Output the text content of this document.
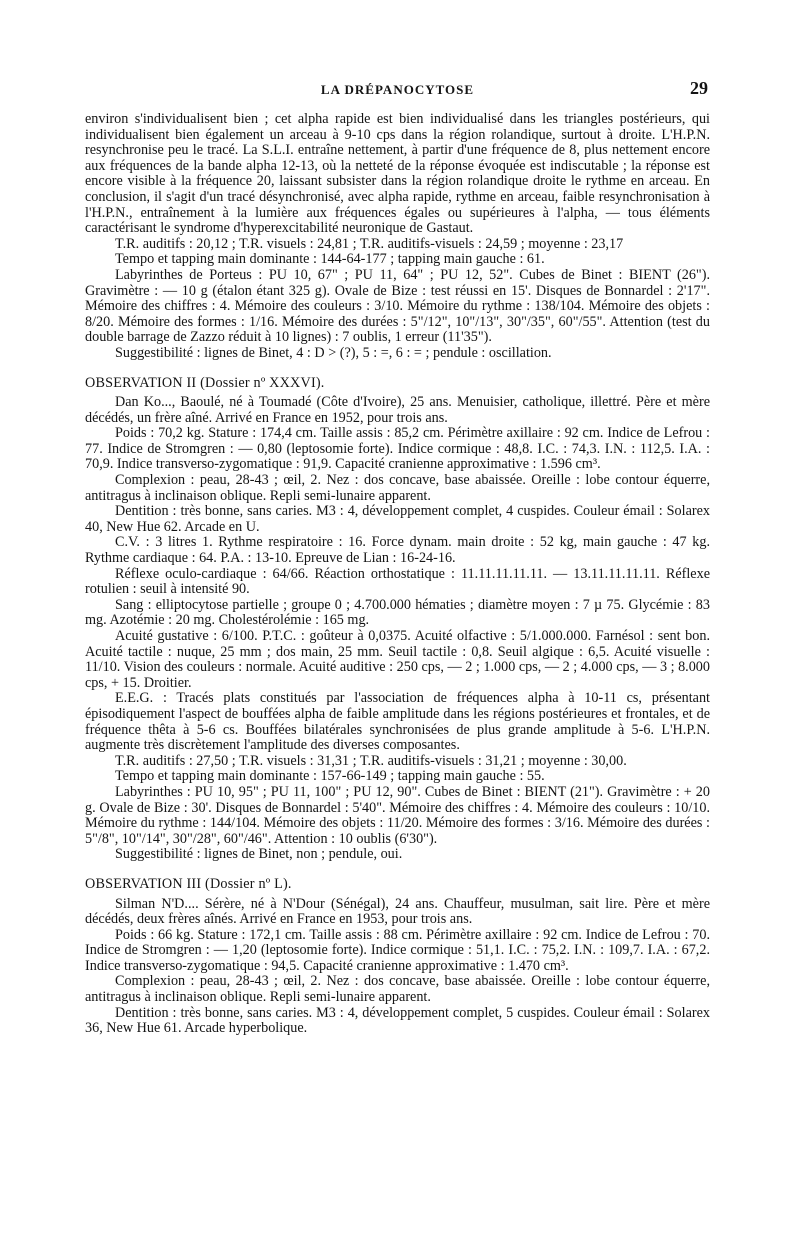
LA DRÉPANOCYTOSE	29

environ s'individualisent bien ; cet alpha rapide est bien individualisé dans les triangles postérieurs, qui individualisent bien également un arceau à 9-10 cps dans la région rolandique, surtout à droite. L'H.P.N. resynchronise peu le tracé. La S.L.I. entraîne nettement, à partir d'une fréquence de 8, plus nettement encore aux fréquences de la bande alpha 12-13, où la netteté de la réponse évoquée est indiscutable ; la réponse est encore visible à la fréquence 20, laissant subsister dans la région rolandique droite le rythme en arceau. En conclusion, il s'agit d'un tracé désynchronisé, avec alpha rapide, rythme en arceau, faible resynchronisation à l'H.P.N., entraînement à la lumière aux fréquences égales ou supérieures à l'alpha, — tous éléments caractérisant le syndrome d'hyperexcitabilité neuronique de Gastaut.

T.R. auditifs : 20,12 ; T.R. visuels : 24,81 ; T.R. auditifs-visuels : 24,59 ; moyenne : 23,17

Tempo et tapping main dominante : 144-64-177 ; tapping main gauche : 61.

Labyrinthes de Porteus : PU 10, 67" ; PU 11, 64" ; PU 12, 52". Cubes de Binet : BIENT (26"). Gravimètre : — 10 g (étalon étant 325 g). Ovale de Bize : test réussi en 15'. Disques de Bonnardel : 2'17". Mémoire des chiffres : 4. Mémoire des couleurs : 3/10. Mémoire du rythme : 138/104. Mémoire des objets : 8/20. Mémoire des formes : 1/16. Mémoire des durées : 5"/12", 10"/13", 30"/35", 60"/55". Attention (test du double barrage de Zazzo réduit à 10 lignes) : 7 oublis, 1 erreur (11'35").

Suggestibilité : lignes de Binet, 4 : D > (?), 5 : =, 6 : = ; pendule : oscillation.

OBSERVATION II (Dossier nº XXXVI).

Dan Ko..., Baoulé, né à Toumadé (Côte d'Ivoire), 25 ans. Menuisier, catholique, illettré. Père et mère décédés, un frère aîné. Arrivé en France en 1952, pour trois ans.

Poids : 70,2 kg. Stature : 174,4 cm. Taille assis : 85,2 cm. Périmètre axillaire : 92 cm. Indice de Lefrou : 77. Indice de Stromgren : — 0,80 (leptosomie forte). Indice cormique : 48,8. I.C. : 74,3. I.N. : 112,5. I.A. : 70,9. Indice transverso-zygomatique : 91,9. Capacité cranienne approximative : 1.596 cm³.

Complexion : peau, 28-43 ; œil, 2. Nez : dos concave, base abaissée. Oreille : lobe contour équerre, antitragus à inclinaison oblique. Repli semi-lunaire apparent.

Dentition : très bonne, sans caries. M3 : 4, développement complet, 4 cuspides. Couleur émail : Solarex 40, New Hue 62. Arcade en U.

C.V. : 3 litres 1. Rythme respiratoire : 16. Force dynam. main droite : 52 kg, main gauche : 47 kg. Rythme cardiaque : 64. P.A. : 13-10. Epreuve de Lian : 16-24-16.

Réflexe oculo-cardiaque : 64/66. Réaction orthostatique : 11.11.11.11.11. — 13.11.11.11.11. Réflexe rotulien : seuil à intensité 90.

Sang : elliptocytose partielle ; groupe 0 ; 4.700.000 hématies ; diamètre moyen : 7 µ 75. Glycémie : 83 mg. Azotémie : 20 mg. Cholestérolémie : 165 mg.

Acuité gustative : 6/100. P.T.C. : goûteur à 0,0375. Acuité olfactive : 5/1.000.000. Farnésol : sent bon. Acuité tactile : nuque, 25 mm ; dos main, 25 mm. Seuil tactile : 0,8. Seuil algique : 6,5. Acuité visuelle : 11/10. Vision des couleurs : normale. Acuité auditive : 250 cps, — 2 ; 1.000 cps, — 2 ; 4.000 cps, — 3 ; 8.000 cps, + 15. Droitier.

E.E.G. : Tracés plats constitués par l'association de fréquences alpha à 10-11 cs, présentant épisodiquement l'aspect de bouffées alpha de faible amplitude dans les régions postérieures et frontales, et de fréquence thêta à 5-6 cs. Bouffées bilatérales synchronisées de plus grande amplitude à 5-6. L'H.P.N. augmente très discrètement l'amplitude des diverses composantes.

T.R. auditifs : 27,50 ; T.R. visuels : 31,31 ; T.R. auditifs-visuels : 31,21 ; moyenne : 30,00.

Tempo et tapping main dominante : 157-66-149 ; tapping main gauche : 55.

Labyrinthes : PU 10, 95" ; PU 11, 100" ; PU 12, 90". Cubes de Binet : BIENT (21"). Gravimètre : + 20 g. Ovale de Bize : 30'. Disques de Bonnardel : 5'40". Mémoire des chiffres : 4. Mémoire des couleurs : 10/10. Mémoire du rythme : 144/104. Mémoire des objets : 11/20. Mémoire des formes : 3/16. Mémoire des durées : 5"/8", 10"/14", 30"/28", 60"/46". Attention : 10 oublis (6'30").

Suggestibilité : lignes de Binet, non ; pendule, oui.

OBSERVATION III (Dossier nº L).

Silman N'D.... Sérère, né à N'Dour (Sénégal), 24 ans. Chauffeur, musulman, sait lire. Père et mère décédés, deux frères aînés. Arrivé en France en 1953, pour trois ans.

Poids : 66 kg. Stature : 172,1 cm. Taille assis : 88 cm. Périmètre axillaire : 92 cm. Indice de Lefrou : 70. Indice de Stromgren : — 1,20 (leptosomie forte). Indice cormique : 51,1. I.C. : 75,2. I.N. : 109,7. I.A. : 67,2. Indice transverso-zygomatique : 94,5. Capacité cranienne approximative : 1.470 cm³.

Complexion : peau, 28-43 ; œil, 2. Nez : dos concave, base abaissée. Oreille : lobe contour équerre, antitragus à inclinaison oblique. Repli semi-lunaire apparent.

Dentition : très bonne, sans caries. M3 : 4, développement complet, 5 cuspides. Couleur émail : Solarex 36, New Hue 61. Arcade hyperbolique.
